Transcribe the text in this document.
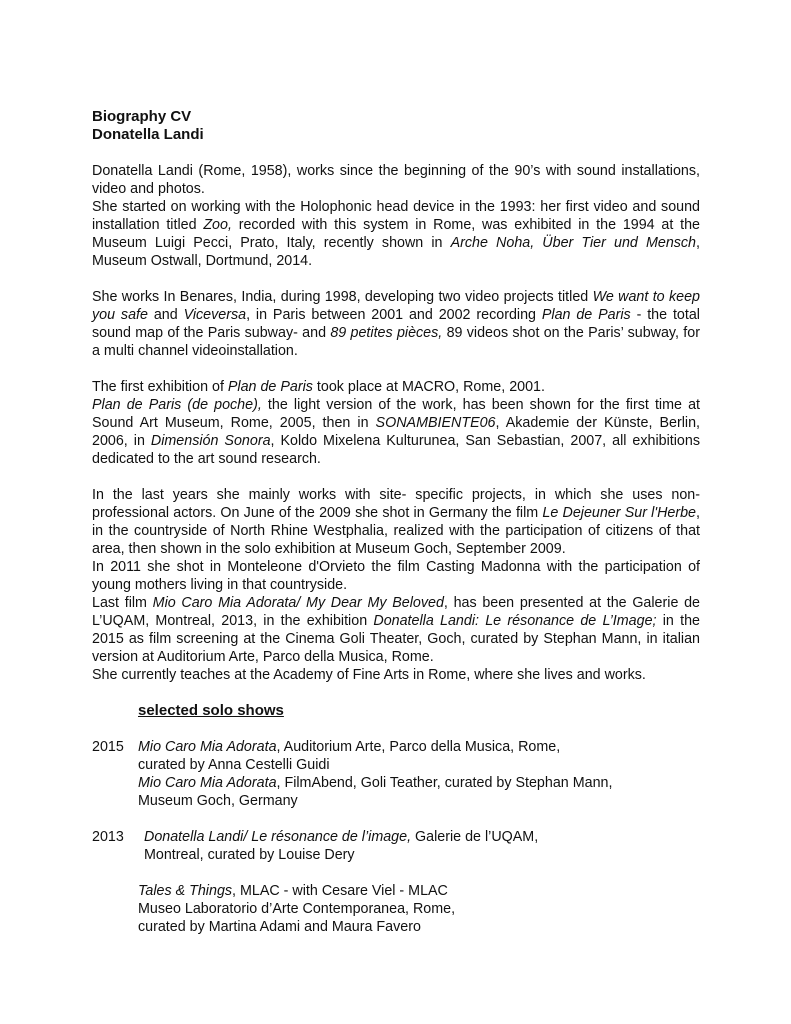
Biography CV

Donatella Landi

Donatella Landi (Rome, 1958), works since the beginning of the 90’s with sound installations, video and photos.
She started on working with the Holophonic head device in the 1993: her first video and sound installation titled Zoo, recorded with this system in Rome, was exhibited in the 1994 at the Museum Luigi Pecci, Prato, Italy, recently shown in Arche Noha, Über Tier und Mensch, Museum Ostwall, Dortmund, 2014.

She works In Benares, India, during 1998, developing two video projects titled We want to keep you safe and Viceversa, in Paris between 2001 and 2002 recording Plan de Paris - the total sound map of the Paris subway- and 89 petites pièces, 89 videos shot on the Paris’ subway, for a multi channel videoinstallation.

The first exhibition of Plan de Paris took place at MACRO, Rome, 2001.
Plan de Paris (de poche), the light version of the work, has been shown for the first time at Sound Art Museum, Rome, 2005, then in SONAMBIENTE06, Akademie der Künste, Berlin, 2006, in Dimensión Sonora, Koldo Mixelena Kulturunea, San Sebastian, 2007, all exhibitions dedicated to the art sound research.

In the last years she mainly works with site- specific projects, in which she uses non-professional actors. On June of the 2009 she shot in Germany the film Le Dejeuner Sur l'Herbe, in the countryside of North Rhine Westphalia, realized with the participation of citizens of that area, then shown in the solo exhibition at Museum Goch, September 2009.
In 2011 she shot in Monteleone d'Orvieto the film Casting Madonna with the participation of young mothers living in that countryside.
Last film Mio Caro Mia Adorata/ My Dear My Beloved, has been presented at the Galerie de L’UQAM, Montreal, 2013, in the exhibition Donatella Landi: Le résonance de L’Image; in the 2015 as film screening at the Cinema Goli Theater, Goch, curated by Stephan Mann, in italian version at Auditorium Arte, Parco della Musica, Rome.
She currently teaches at the Academy of Fine Arts in Rome, where she lives and works.

selected solo shows

2015 Mio Caro Mia Adorata, Auditorium Arte, Parco della Musica, Rome,
curated by Anna Cestelli Guidi
Mio Caro Mia Adorata, FilmAbend, Goli Teather, curated by Stephan Mann,
Museum Goch, Germany
2013 Donatella Landi/ Le résonance de l’image, Galerie de l’UQAM,
Montreal, curated by Louise Dery
Tales & Things, MLAC - with Cesare Viel - MLAC
Museo Laboratorio d’Arte Contemporanea, Rome,
curated by Martina Adami and Maura Favero
